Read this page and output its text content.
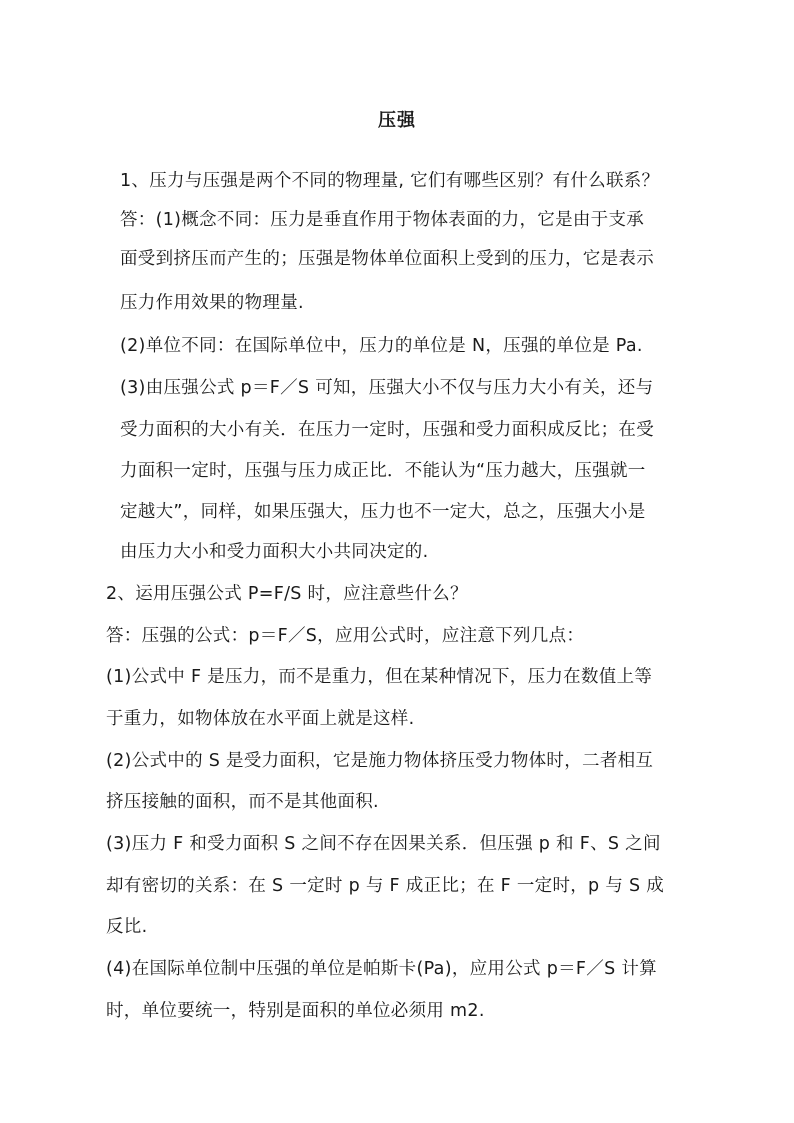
压强
1、压力与压强是两个不同的物理量, 它们有哪些区别？有什么联系？
答：(1)概念不同：压力是垂直作用于物体表面的力，它是由于支承
面受到挤压而产生的；压强是物体单位面积上受到的压力，它是表示
压力作用效果的物理量.
(2)单位不同：在国际单位中，压力的单位是 N，压强的单位是 Pa.
(3)由压强公式 p＝F／S 可知，压强大小不仅与压力大小有关，还与
受力面积的大小有关．在压力一定时，压强和受力面积成反比；在受
力面积一定时，压强与压力成正比．不能认为“压力越大，压强就一
定越大”，同样，如果压强大，压力也不一定大，总之，压强大小是
由压力大小和受力面积大小共同决定的.
2、运用压强公式 P=F/S 时，应注意些什么？
答：压强的公式：p＝F／S，应用公式时，应注意下列几点：
(1)公式中 F 是压力，而不是重力，但在某种情况下，压力在数值上等
于重力，如物体放在水平面上就是这样.
(2)公式中的 S 是受力面积，它是施力物体挤压受力物体时，二者相互
挤压接触的面积，而不是其他面积.
(3)压力 F 和受力面积 S 之间不存在因果关系．但压强 p 和 F、S 之间
却有密切的关系：在 S 一定时 p 与 F 成正比；在 F 一定时，p 与 S 成
反比.
(4)在国际单位制中压强的单位是帕斯卡(Pa)，应用公式 p＝F／S 计算
时，单位要统一，特别是面积的单位必须用 m2.
